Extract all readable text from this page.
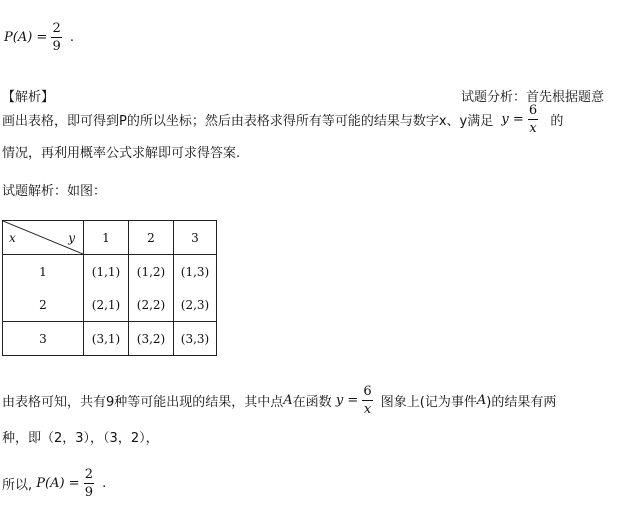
$P(A) = \frac{2}{9}$ .
【解析】	试题分析：首先根据题意
画出表格，即可得到P的所以坐标；然后由表格求得所有等可能的结果与数字x、y满足 $y = \frac{6}{x}$ 的
情况，再利用概率公式求解即可求得答案.
试题解析：如图：
x y	1	2	3
1	(1,1)	(1,2)	(1,3)
2	(2,1)	(2,2)	(2,3)
3	(3,1)	(3,2)	(3,3)
由表格可知，共有9种等可能出现的结果，其中点A在函数 $y = \frac{6}{x}$ 图象上(记为事件A)的结果有两
种，即（2，3），（3，2），
所以, $P(A) = \frac{2}{9}$ .
